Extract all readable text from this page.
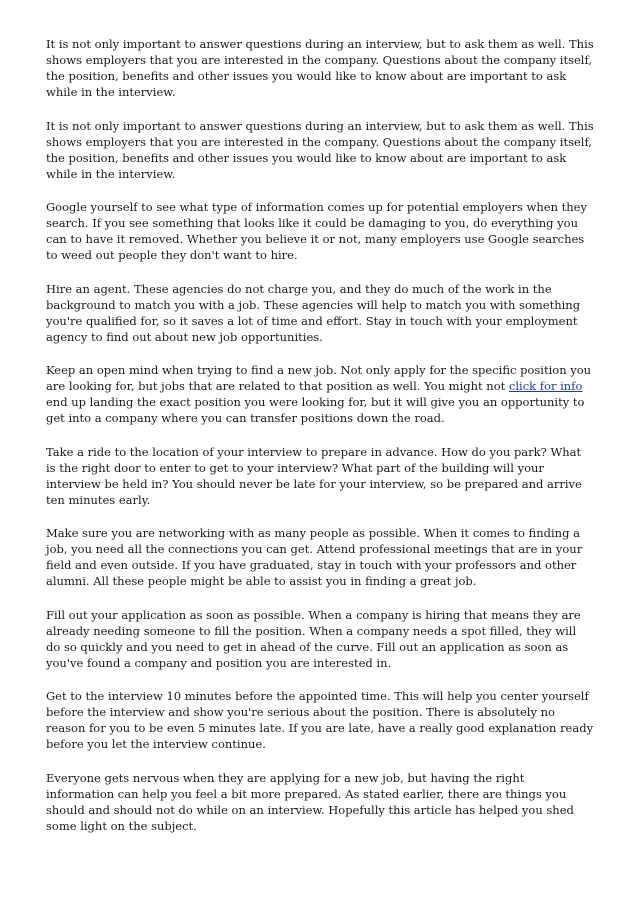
It is not only important to answer questions during an interview, but to ask them as well. This shows employers that you are interested in the company. Questions about the company itself, the position, benefits and other issues you would like to know about are important to ask while in the interview.

It is not only important to answer questions during an interview, but to ask them as well. This shows employers that you are interested in the company. Questions about the company itself, the position, benefits and other issues you would like to know about are important to ask while in the interview.

Google yourself to see what type of information comes up for potential employers when they search. If you see something that looks like it could be damaging to you, do everything you can to have it removed. Whether you believe it or not, many employers use Google searches to weed out people they don't want to hire.

Hire an agent. These agencies do not charge you, and they do much of the work in the background to match you with a job. These agencies will help to match you with something you're qualified for, so it saves a lot of time and effort. Stay in touch with your employment agency to find out about new job opportunities.

Keep an open mind when trying to find a new job. Not only apply for the specific position you are looking for, but jobs that are related to that position as well. You might not click for info end up landing the exact position you were looking for, but it will give you an opportunity to get into a company where you can transfer positions down the road.

Take a ride to the location of your interview to prepare in advance. How do you park? What is the right door to enter to get to your interview? What part of the building will your interview be held in? You should never be late for your interview, so be prepared and arrive ten minutes early.

Make sure you are networking with as many people as possible. When it comes to finding a job, you need all the connections you can get. Attend professional meetings that are in your field and even outside. If you have graduated, stay in touch with your professors and other alumni. All these people might be able to assist you in finding a great job.

Fill out your application as soon as possible. When a company is hiring that means they are already needing someone to fill the position. When a company needs a spot filled, they will do so quickly and you need to get in ahead of the curve. Fill out an application as soon as you've found a company and position you are interested in.

Get to the interview 10 minutes before the appointed time. This will help you center yourself before the interview and show you're serious about the position. There is absolutely no reason for you to be even 5 minutes late. If you are late, have a really good explanation ready before you let the interview continue.

Everyone gets nervous when they are applying for a new job, but having the right information can help you feel a bit more prepared. As stated earlier, there are things you should and should not do while on an interview. Hopefully this article has helped you shed some light on the subject.
